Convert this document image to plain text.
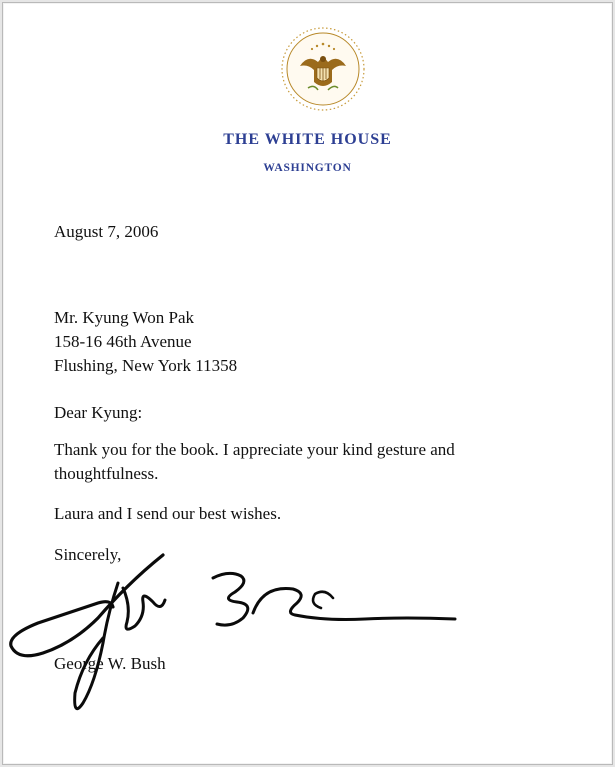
THE WHITE HOUSE
WASHINGTON
August 7, 2006
Mr. Kyung Won Pak
158-16 46th Avenue
Flushing, New York 11358
Dear Kyung:
Thank you for the book. I appreciate your kind gesture and
thoughtfulness.
Laura and I send our best wishes.
Sincerely,
George W. Bush
